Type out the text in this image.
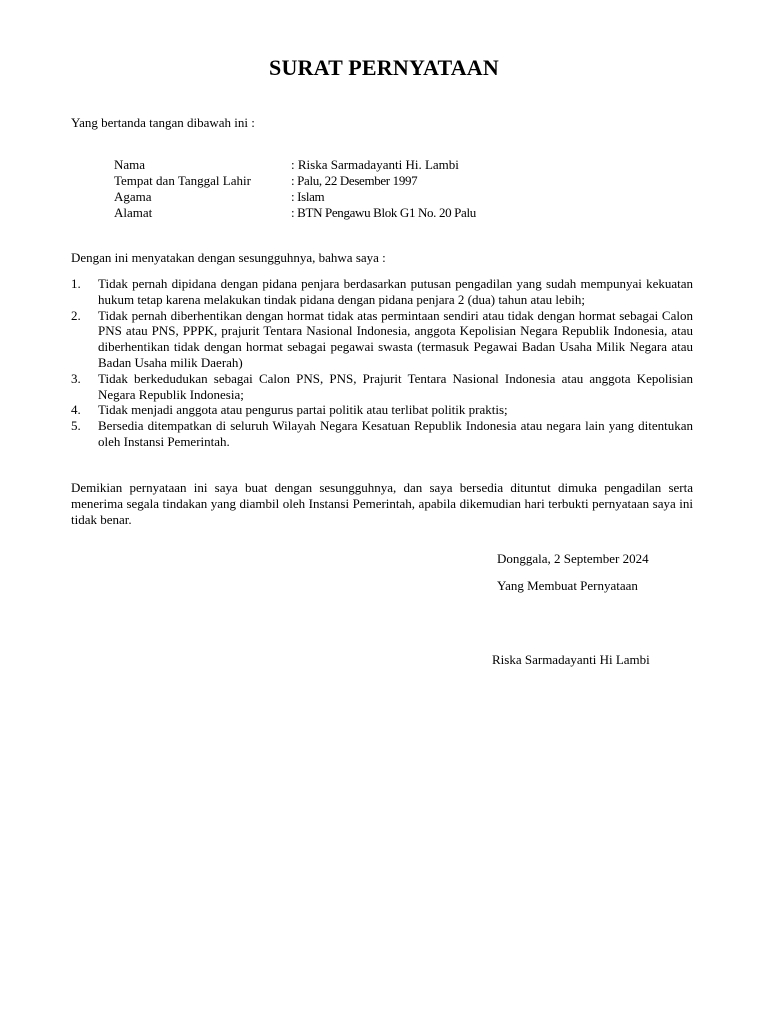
SURAT PERNYATAAN
Yang bertanda tangan dibawah ini :
Nama	: Riska Sarmadayanti Hi. Lambi
Tempat dan Tanggal Lahir	: Palu, 22 Desember 1997
Agama	: Islam
Alamat	: BTN Pengawu Blok G1 No. 20 Palu
Dengan ini menyatakan dengan sesungguhnya, bahwa saya :
1.	Tidak pernah dipidana dengan pidana penjara berdasarkan putusan pengadilan yang sudah mempunyai kekuatan hukum tetap karena melakukan tindak pidana dengan pidana penjara 2 (dua) tahun atau lebih;
2.	Tidak pernah diberhentikan dengan hormat tidak atas permintaan sendiri atau tidak dengan hormat sebagai Calon PNS atau PNS, PPPK, prajurit Tentara Nasional Indonesia, anggota Kepolisian Negara Republik Indonesia, atau diberhentikan tidak dengan hormat sebagai pegawai swasta (termasuk Pegawai Badan Usaha Milik Negara atau Badan Usaha milik Daerah)
3.	Tidak berkedudukan sebagai Calon PNS, PNS, Prajurit Tentara Nasional Indonesia atau anggota Kepolisian Negara Republik Indonesia;
4.	Tidak menjadi anggota atau pengurus partai politik atau terlibat politik praktis;
5.	Bersedia ditempatkan di seluruh Wilayah Negara Kesatuan Republik Indonesia atau negara lain yang ditentukan oleh Instansi Pemerintah.
Demikian pernyataan ini saya buat dengan sesungguhnya, dan saya bersedia dituntut dimuka pengadilan serta menerima segala tindakan yang diambil oleh Instansi Pemerintah, apabila dikemudian hari terbukti pernyataan saya ini tidak benar.
Donggala, 2 September 2024
Yang Membuat Pernyataan
Riska Sarmadayanti Hi Lambi
